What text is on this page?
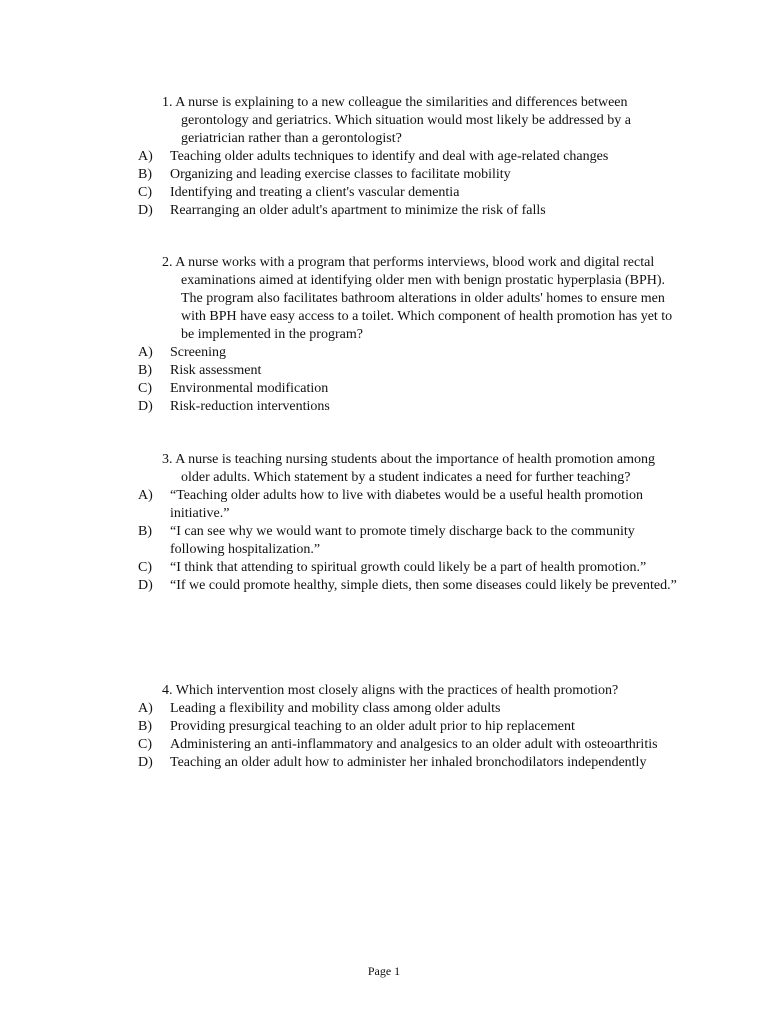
1. A nurse is explaining to a new colleague the similarities and differences between gerontology and geriatrics. Which situation would most likely be addressed by a geriatrician rather than a gerontologist?
A)	Teaching older adults techniques to identify and deal with age-related changes
B)	Organizing and leading exercise classes to facilitate mobility
C)	Identifying and treating a client's vascular dementia
D)	Rearranging an older adult's apartment to minimize the risk of falls
2. A nurse works with a program that performs interviews, blood work and digital rectal examinations aimed at identifying older men with benign prostatic hyperplasia (BPH). The program also facilitates bathroom alterations in older adults' homes to ensure men with BPH have easy access to a toilet. Which component of health promotion has yet to be implemented in the program?
A)	Screening
B)	Risk assessment
C)	Environmental modification
D)	Risk-reduction interventions
3. A nurse is teaching nursing students about the importance of health promotion among older adults. Which statement by a student indicates a need for further teaching?
A)	“Teaching older adults how to live with diabetes would be a useful health promotion initiative.”
B)	“I can see why we would want to promote timely discharge back to the community following hospitalization.”
C)	“I think that attending to spiritual growth could likely be a part of health promotion.”
D)	“If we could promote healthy, simple diets, then some diseases could likely be prevented.”
4. Which intervention most closely aligns with the practices of health promotion?
A)	Leading a flexibility and mobility class among older adults
B)	Providing presurgical teaching to an older adult prior to hip replacement
C)	Administering an anti-inflammatory and analgesics to an older adult with osteoarthritis
D)	Teaching an older adult how to administer her inhaled bronchodilators independently
Page 1
